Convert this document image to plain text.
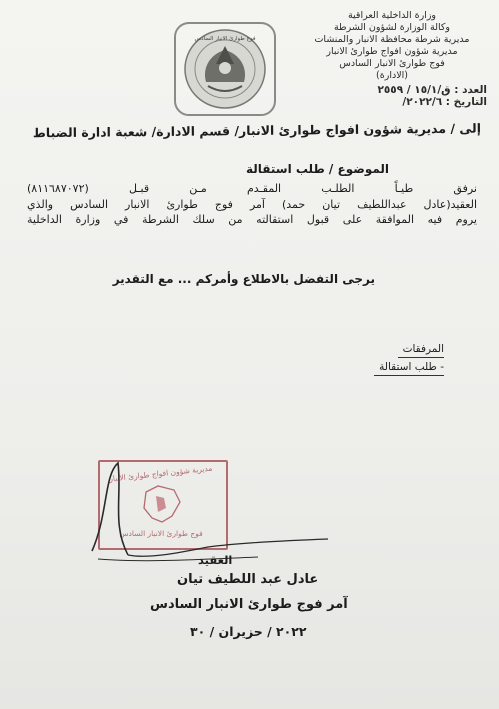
وزارة الداخلية العراقية
وكالة الوزارة لشؤون الشرطة
مديرية شرطة محافظة الانبار والمنشات
مديرية شؤون افواج طوارئ الانبار
فوج طوارئ الانبار السادس
(الادارة)
العدد : ق/١٥/١ / ٢٥٥٩
التاريخ : ٢٠٢٢/٦/
فوج طوارئ الانبار السادس
إلى / مديرية شؤون افواج طوارئ الانبار/ قسم الادارة/ شعبة ادارة الضباط
الموضوع / طلب استقالة
نرفق طيـاً الطلـب المقـدم مـن قبـل (٨١١٦٨٧٠٧٢)
العقيد(عادل عبداللطيف تيان حمد) آمر فوج طوارئ الانبار السادس والذي
يروم فيه الموافقة على قبول استقالته من سلك الشرطة في وزارة الداخلية
يرجى التفضل بالاطلاع وأمركم ... مع التقدير
المرفقات
- طلب استقالة
مديرية شؤون افواج طوارئ الانبار
فوج طوارئ الانبار السادس
العقيد
عادل عبد اللطيف تيان
آمر فوج طوارئ الانبار السادس
٢٠٢٢ / حزيران / ٣٠
